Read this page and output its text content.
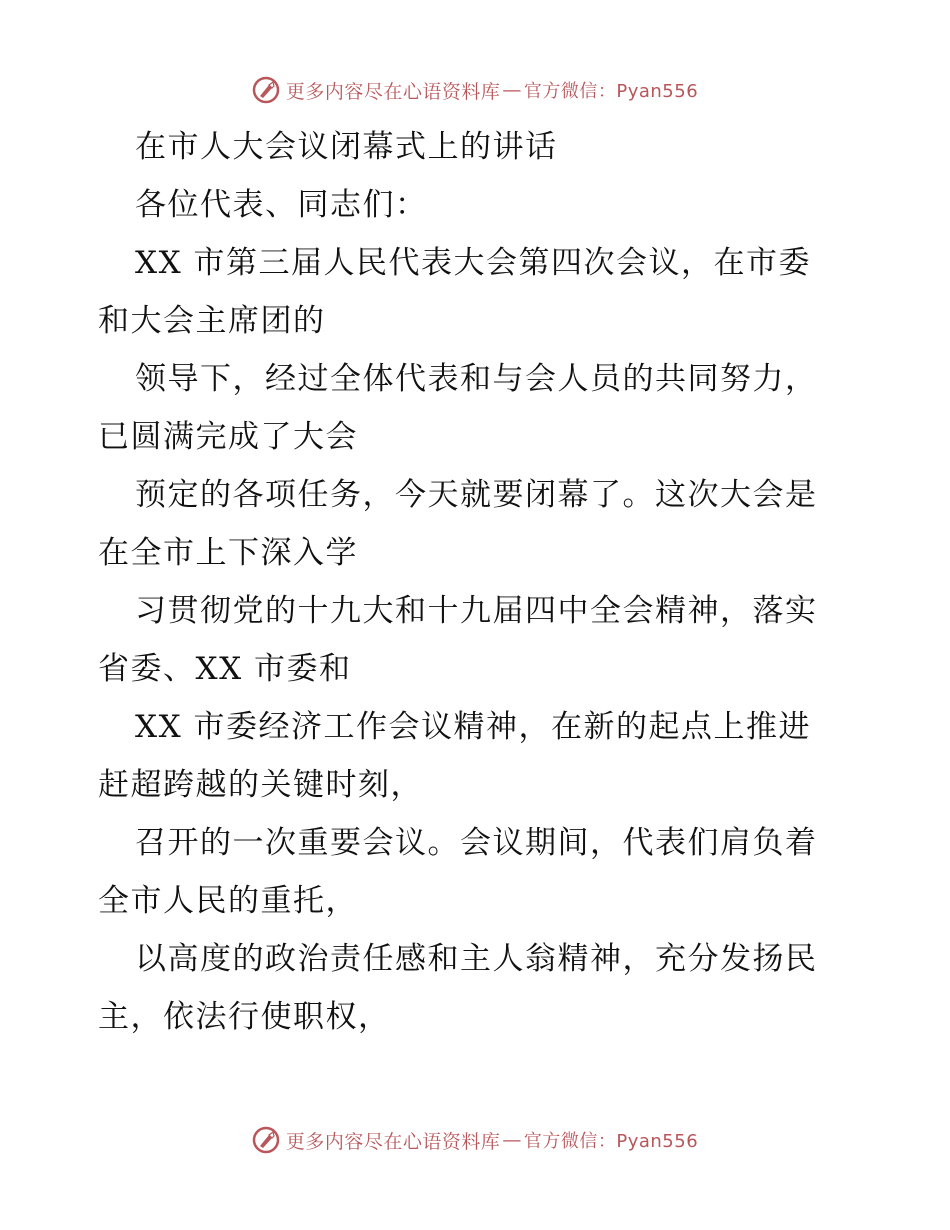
更多内容尽在心语资料库 — 官方微信：Pyan556
在市人大会议闭幕式上的讲话
各位代表、同志们：
XX 市第三届人民代表大会第四次会议，在市委
和大会主席团的
领导下，经过全体代表和与会人员的共同努力，
已圆满完成了大会
预定的各项任务，今天就要闭幕了。这次大会是
在全市上下深入学
习贯彻党的十九大和十九届四中全会精神，落实
省委、XX 市委和
XX 市委经济工作会议精神，在新的起点上推进
赶超跨越的关键时刻，
召开的一次重要会议。会议期间，代表们肩负着
全市人民的重托，
以高度的政治责任感和主人翁精神，充分发扬民
主，依法行使职权，
更多内容尽在心语资料库 — 官方微信：Pyan556
